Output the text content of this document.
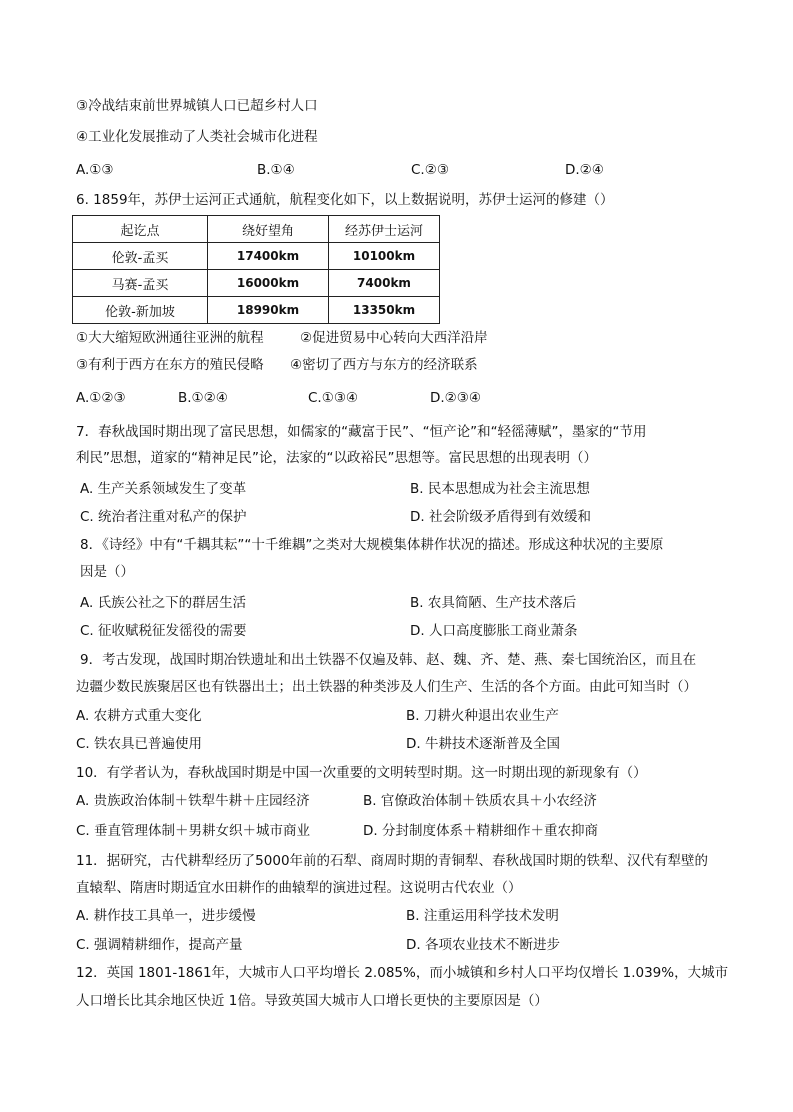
③冷战结束前世界城镇人口已超乡村人口
④工业化发展推动了人类社会城市化进程
A.①③	B.①④	C.②③	D.②④
6. 1859年，苏伊士运河正式通航，航程变化如下，以上数据说明，苏伊士运河的修建（）
起讫点	绕好望角	经苏伊士运河
伦敦-孟买	17400km	10100km
马赛-孟买	16000km	7400km
伦敦-新加坡	18990km	13350km
①大大缩短欧洲通往亚洲的航程	②促进贸易中心转向大西洋沿岸
③有利于西方在东方的殖民侵略 ④密切了西方与东方的经济联系
A.①②③	B.①②④	C.①③④	D.②③④
7．春秋战国时期出现了富民思想，如儒家的“藏富于民”、“恒产论”和“轻徭薄赋”，墨家的“节用
利民”思想，道家的“精神足民”论，法家的“以政裕民”思想等。富民思想的出现表明（）
A. 生产关系领域发生了变革	B. 民本思想成为社会主流思想
C. 统治者注重对私产的保护	D. 社会阶级矛盾得到有效缓和
8．《诗经》中有“千耦其耘”“十千维耦”之类对大规模集体耕作状况的描述。形成这种状况的主要原
因是（）
A. 氏族公社之下的群居生活	B. 农具简陋、生产技术落后
C. 征收赋税征发徭役的需要	D. 人口高度膨胀工商业萧条
9．考古发现，战国时期冶铁遗址和出土铁器不仅遍及韩、赵、魏、齐、楚、燕、秦七国统治区，而且在
边疆少数民族聚居区也有铁器出土；出土铁器的种类涉及人们生产、生活的各个方面。由此可知当时（）
A. 农耕方式重大变化	B. 刀耕火种退出农业生产
C. 铁农具已普遍使用	D. 牛耕技术逐渐普及全国
10．有学者认为，春秋战国时期是中国一次重要的文明转型时期。这一时期出现的新现象有（）
A. 贵族政治体制＋铁犁牛耕＋庄园经济	B. 官僚政治体制＋铁质农具＋小农经济
C. 垂直管理体制＋男耕女织＋城市商业	D. 分封制度体系＋精耕细作＋重农抑商
11．据研究，古代耕犁经历了5000年前的石犁、商周时期的青铜犁、春秋战国时期的铁犁、汉代有犁壁的
直辕犁、隋唐时期适宜水田耕作的曲辕犁的演进过程。这说明古代农业（）
A. 耕作技工具单一，进步缓慢	B. 注重运用科学技术发明
C. 强调精耕细作，提高产量	D. 各项农业技术不断进步
12．英国 1801-1861年，大城市人口平均增长 2.085%，而小城镇和乡村人口平均仅增长 1.039%，大城市
人口增长比其余地区快近 1倍。导致英国大城市人口增长更快的主要原因是（）
